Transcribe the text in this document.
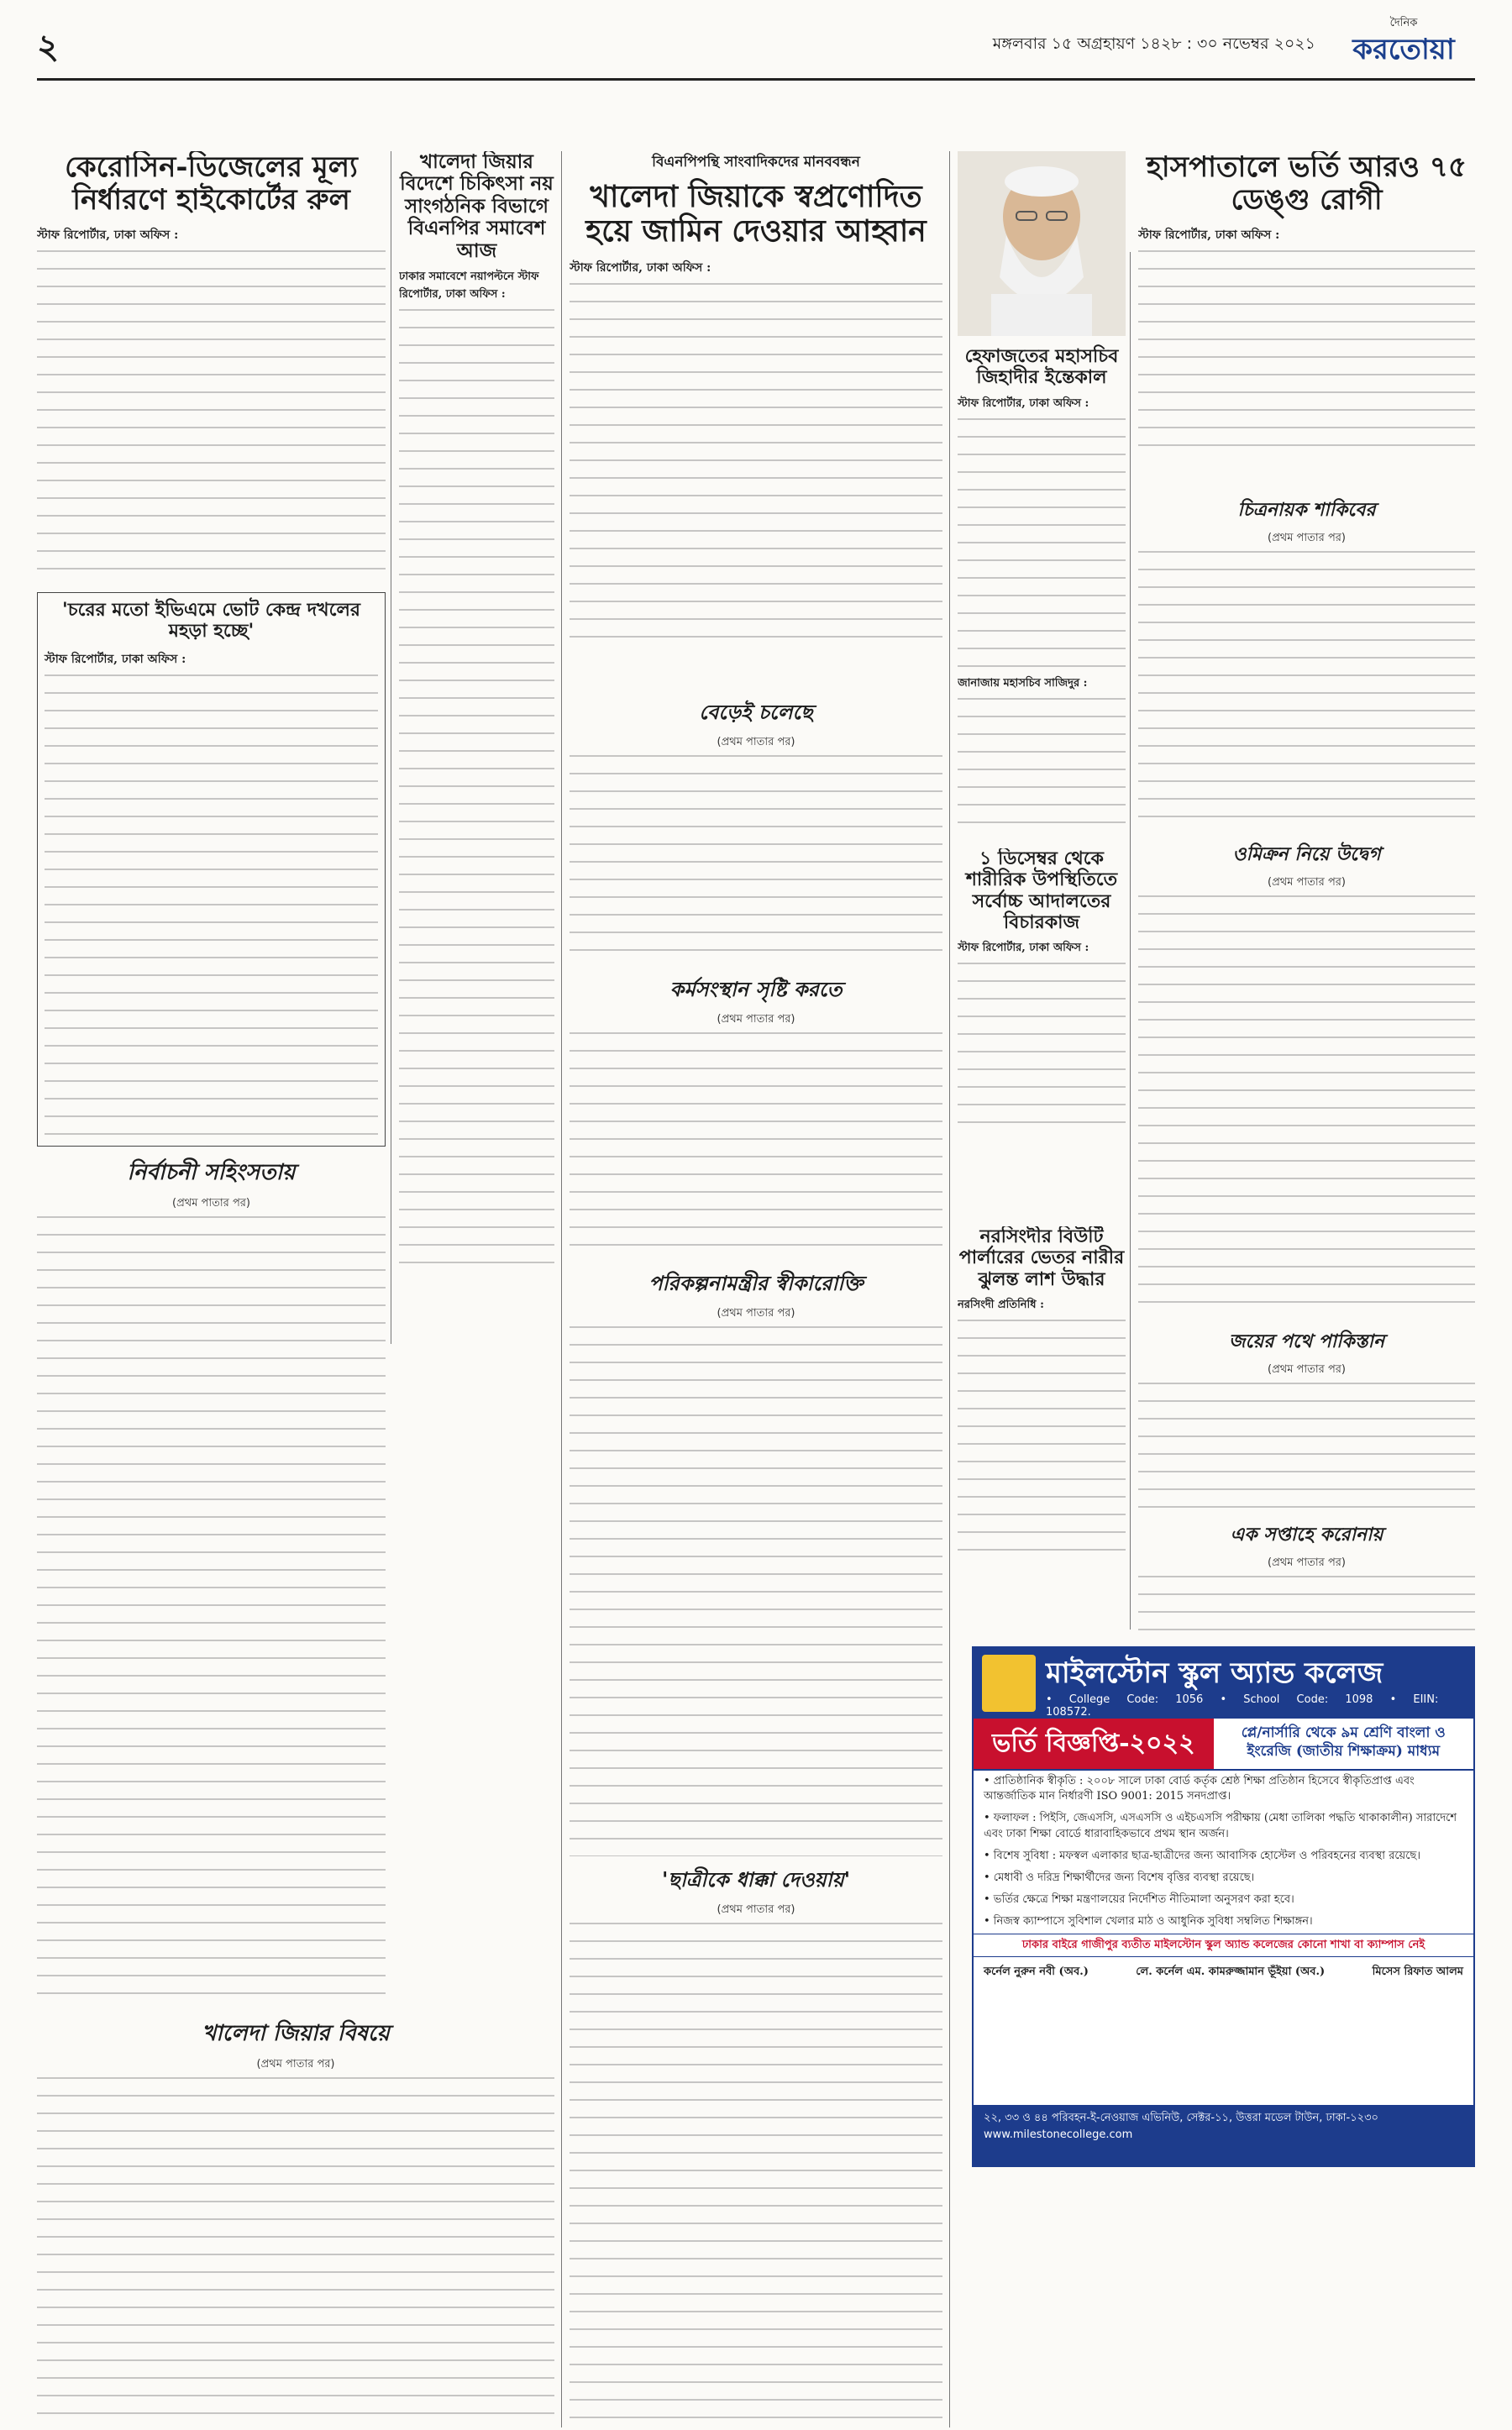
২	মঙ্গলবার ১৫ অগ্রহায়ণ ১৪২৮ : ৩০ নভেম্বর ২০২১
দৈনিক
করতোয়া
কেরোসিন-ডিজেলের মূল্য নির্ধারণে হাইকোর্টের রুল
স্টাফ রিপোর্টার, ঢাকা অফিস :
'চরের মতো ইভিএমে ভোট কেন্দ্র দখলের মহড়া হচ্ছে'
স্টাফ রিপোর্টার, ঢাকা অফিস :
নির্বাচনী সহিংসতায়
(প্রথম পাতার পর)
খালেদা জিয়ার বিদেশে চিকিৎসা নয় সাংগঠনিক বিভাগে বিএনপির সমাবেশ আজ
ঢাকার সমাবেশে নয়াপল্টনে স্টাফ রিপোর্টার, ঢাকা অফিস :
খালেদা জিয়ার বিষয়ে
(প্রথম পাতার পর)
বিএনপিপন্থি সাংবাদিকদের মানববন্ধন
খালেদা জিয়াকে স্বপ্রণোদিত হয়ে জামিন দেওয়ার আহ্বান
স্টাফ রিপোর্টার, ঢাকা অফিস :
বেড়েই চলেছে
(প্রথম পাতার পর)
কর্মসংস্থান সৃষ্টি করতে
(প্রথম পাতার পর)
পরিকল্পনামন্ত্রীর স্বীকারোক্তি
(প্রথম পাতার পর)
'ছাত্রীকে ধাক্কা দেওয়ায়'
(প্রথম পাতার পর)
হেফাজতের মহাসচিব জিহাদীর ইন্তেকাল
স্টাফ রিপোর্টার, ঢাকা অফিস :
জানাজায় মহাসচিব সাজিদুর :
১ ডিসেম্বর থেকে শারীরিক উপস্থিতিতে সর্বোচ্চ আদালতের বিচারকাজ
স্টাফ রিপোর্টার, ঢাকা অফিস :
নরসিংদীর বিউটি পার্লারের ভেতর নারীর ঝুলন্ত লাশ উদ্ধার
নরসিংদী প্রতিনিধি :
হাসপাতালে ভর্তি আরও ৭৫ ডেঙ্গু রোগী
স্টাফ রিপোর্টার, ঢাকা অফিস :
চিত্রনায়ক শাকিবের
(প্রথম পাতার পর)
ওমিক্রন নিয়ে উদ্বেগ
(প্রথম পাতার পর)
জয়ের পথে পাকিস্তান
(প্রথম পাতার পর)
এক সপ্তাহে করোনায়
(প্রথম পাতার পর)
মাইলস্টোন স্কুল অ্যান্ড কলেজ
• College Code: 1056 • School Code: 1098 • EIIN: 108572.
ভর্তি বিজ্ঞপ্তি-২০২২	প্লে/নার্সারি থেকে ৯ম শ্রেণি বাংলা ও ইংরেজি (জাতীয় শিক্ষাক্রম) মাধ্যম
• প্রাতিষ্ঠানিক স্বীকৃতি : ২০০৮ সালে ঢাকা বোর্ড কর্তৃক শ্রেষ্ঠ শিক্ষা প্রতিষ্ঠান হিসেবে স্বীকৃতিপ্রাপ্ত এবং আন্তর্জাতিক মান নির্ধারণী ISO 9001: 2015 সনদপ্রাপ্ত।
• ফলাফল : পিইসি, জেএসসি, এসএসসি ও এইচএসসি পরীক্ষায় (মেধা তালিকা পদ্ধতি থাকাকালীন) সারাদেশে এবং ঢাকা শিক্ষা বোর্ডে ধারাবাহিকভাবে প্রথম স্থান অর্জন।
• বিশেষ সুবিধা : মফস্বল এলাকার ছাত্র-ছাত্রীদের জন্য আবাসিক হোস্টেল ও পরিবহনের ব্যবস্থা রয়েছে।
• মেধাবী ও দরিদ্র শিক্ষার্থীদের জন্য বিশেষ বৃত্তির ব্যবস্থা রয়েছে।
• ভর্তির ক্ষেত্রে শিক্ষা মন্ত্রণালয়ের নির্দেশিত নীতিমালা অনুসরণ করা হবে।
• নিজস্ব ক্যাম্পাসে সুবিশাল খেলার মাঠ ও আধুনিক সুবিধা সম্বলিত শিক্ষাঙ্গন।
ঢাকার বাইরে গাজীপুর ব্যতীত মাইলস্টোন স্কুল অ্যান্ড কলেজের কোনো শাখা বা ক্যাম্পাস নেই
কর্নেল নুরুন নবী (অব.)	লে. কর্নেল এম. কামরুজ্জামান ভূঁইয়া (অব.)	মিসেস রিফাত আলম
২২, ৩৩ ও ৪৪ পরিবহন-ই-নেওয়াজ এভিনিউ, সেক্টর-১১, উত্তরা মডেল টাউন, ঢাকা-১২৩০
www.milestonecollege.com
